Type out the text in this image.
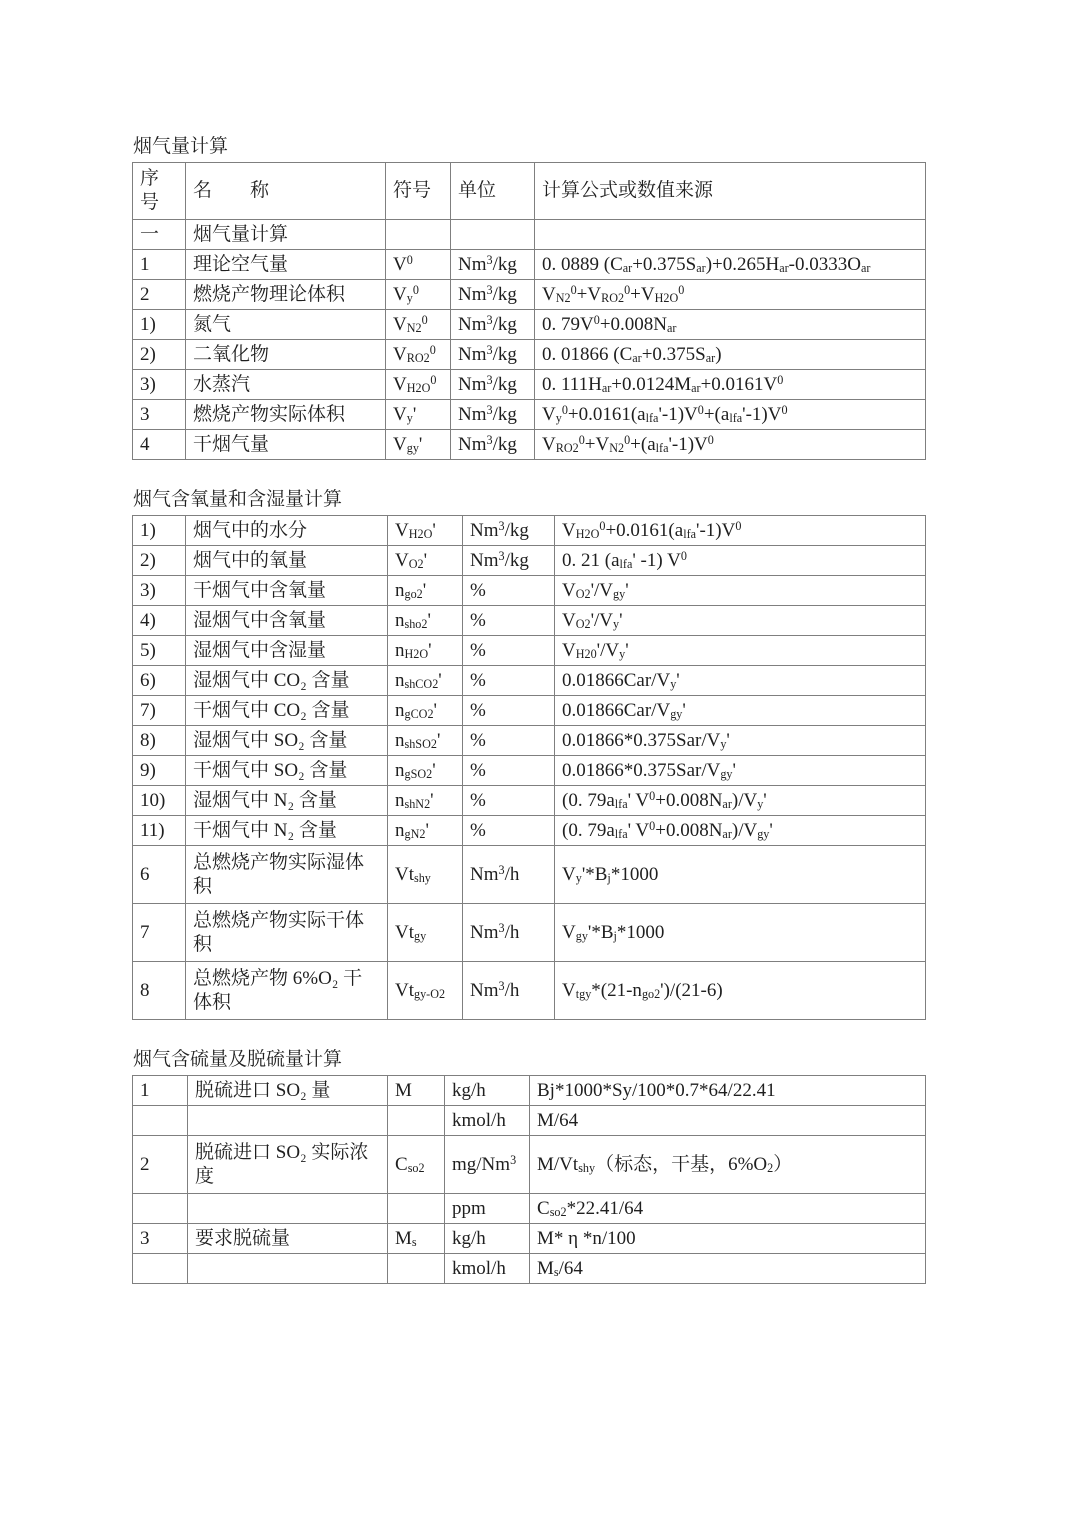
烟气量计算
序
号	名　　称	符号	单位	计算公式或数值来源
一	烟气量计算			
1	理论空气量	$V^0$	Nm$^3$/kg	0. 0889 $(C_{ar}+0.375S_{ar})+0.265H_{ar}-0.0333O_{ar}$
2	燃烧产物理论体积	$V_y^0$	Nm$^3$/kg	$V_{N2}^0+V_{RO2}^0+V_{H2O}^0$
1)	氮气	$V_{N2}^0$	Nm$^3$/kg	0. $79V^0+0.008N_{ar}$
2)	二氧化物	$V_{RO2}^0$	Nm$^3$/kg	0. 01866 $(C_{ar}+0.375S_{ar})$
3)	水蒸汽	$V_{H2O}^0$	Nm$^3$/kg	0. $111H_{ar}+0.0124M_{ar}+0.0161V^0$
3	燃烧产物实际体积	$V_y'$	Nm$^3$/kg	$V_y^0+0.0161(a_{lfa}'-1)V^0+(a_{lfa}'-1)V^0$
4	干烟气量	$V_{gy}'$	Nm$^3$/kg	$V_{RO2}^0+V_{N2}^0+(a_{lfa}'-1)V^0$
烟气含氧量和含湿量计算
1)	烟气中的水分	$V_{H2O}'$	Nm$^3$/kg	$V_{H2O}^0+0.0161(a_{lfa}'-1)V^0$
2)	烟气中的氧量	$V_{O2}'$	Nm$^3$/kg	0. 21 ($a_{lfa}'$ -1) $V^0$
3)	干烟气中含氧量	$n_{go2}'$	%	$V_{O2}'/V_{gy}'$
4)	湿烟气中含氧量	$n_{sho2}'$	%	$V_{O2}'/V_y'$
5)	湿烟气中含湿量	$n_{H2O}'$	%	$V_{H20}'/V_y'$
6)	湿烟气中 CO₂ 含量	$n_{shCO2}'$	%	$0.01866Car/V_y'$
7)	干烟气中 CO₂ 含量	$n_{gCO2}'$	%	$0.01866Car/V_{gy}'$
8)	湿烟气中 SO₂ 含量	$n_{shSO2}'$	%	$0.01866*0.375Sar/V_y'$
9)	干烟气中 SO₂ 含量	$n_{gSO2}'$	%	$0.01866*0.375Sar/V_{gy}'$
10)	湿烟气中 N₂ 含量	$n_{shN2}'$	%	(0. $79a_{lfa}'$ $V^0+0.008N_{ar})/V_y'$
11)	干烟气中 N₂ 含量	$n_{gN2}'$	%	(0. $79a_{lfa}'$ $V^0+0.008N_{ar})/V_{gy}'$
6	总燃烧产物实际湿体积	$Vt_{shy}$	Nm$^3$/h	$V_y'*B_j*1000$
7	总燃烧产物实际干体积	$Vt_{gy}$	Nm$^3$/h	$V_{gy}'*B_j*1000$
8	总燃烧产物 6%O₂ 干体积	$Vt_{gy-O2}$	Nm$^3$/h	$V_{tgy}*(21-n_{go2}')/(21-6)$
烟气含硫量及脱硫量计算
1	脱硫进口 SO₂ 量	M	kg/h	Bj*1000*Sy/100*0.7*64/22.41
			kmol/h	M/64
2	脱硫进口 SO₂ 实际浓度	$C_{so2}$	mg/Nm$^3$	$M/Vt_{shy}$（标态，干基，$6\%O_2$）
			ppm	$C_{so2}*22.41/64$
3	要求脱硫量	$M_s$	kg/h	M* η *n/100
			kmol/h	$M_s/64$
